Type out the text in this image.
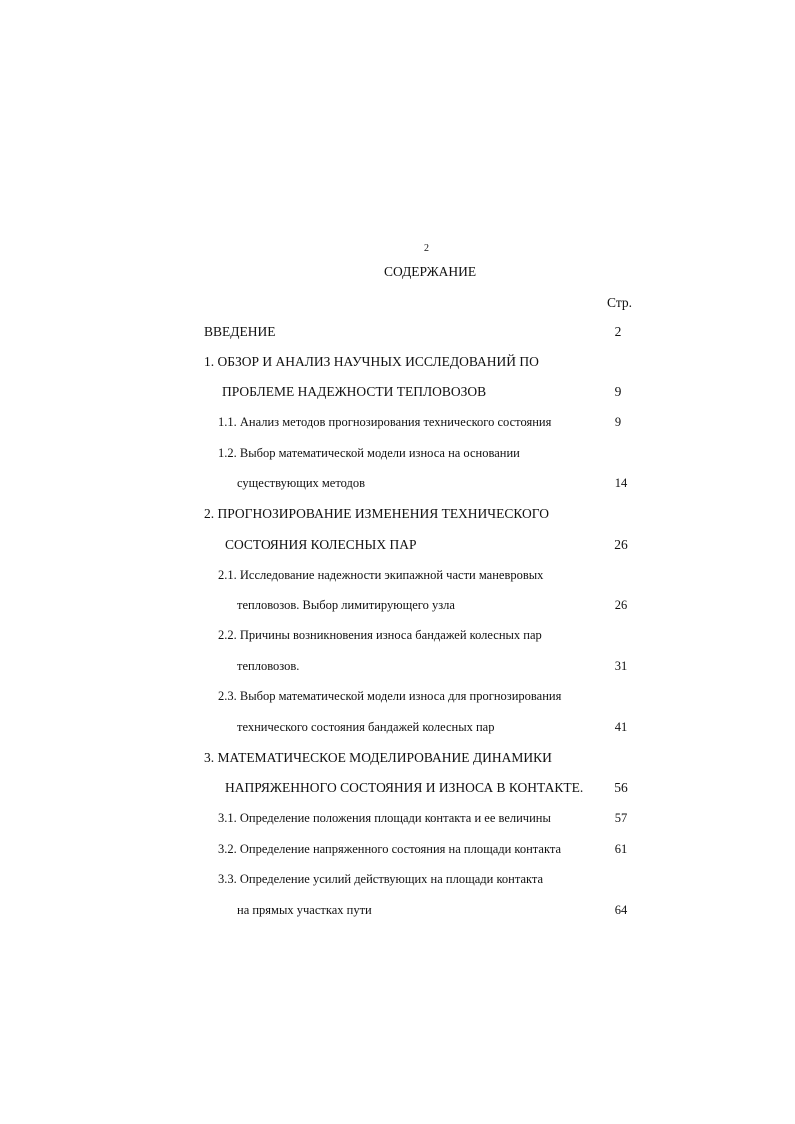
2
СОДЕРЖАНИЕ
Стр.
ВВЕДЕНИЕ	2
1. ОБЗОР И АНАЛИЗ НАУЧНЫХ ИССЛЕДОВАНИЙ ПО
ПРОБЛЕМЕ НАДЕЖНОСТИ ТЕПЛОВОЗОВ	9
1.1. Анализ методов прогнозирования технического состояния	9
1.2. Выбор математической модели износа на основании
существующих методов	14
2. ПРОГНОЗИРОВАНИЕ ИЗМЕНЕНИЯ ТЕХНИЧЕСКОГО
СОСТОЯНИЯ КОЛЕСНЫХ ПАР	26
2.1. Исследование надежности экипажной части маневровых
тепловозов. Выбор лимитирующего узла	26
2.2. Причины возникновения износа бандажей колесных пар
тепловозов.	31
2.3. Выбор математической модели износа для прогнозирования
технического состояния бандажей колесных пар	41
3. МАТЕМАТИЧЕСКОЕ МОДЕЛИРОВАНИЕ ДИНАМИКИ
НАПРЯЖЕННОГО СОСТОЯНИЯ И ИЗНОСА В КОНТАКТЕ.	56
3.1. Определение положения площади контакта и ее величины	57
3.2. Определение напряженного состояния на площади контакта	61
3.3. Определение усилий действующих на площади контакта
на прямых участках пути	64
